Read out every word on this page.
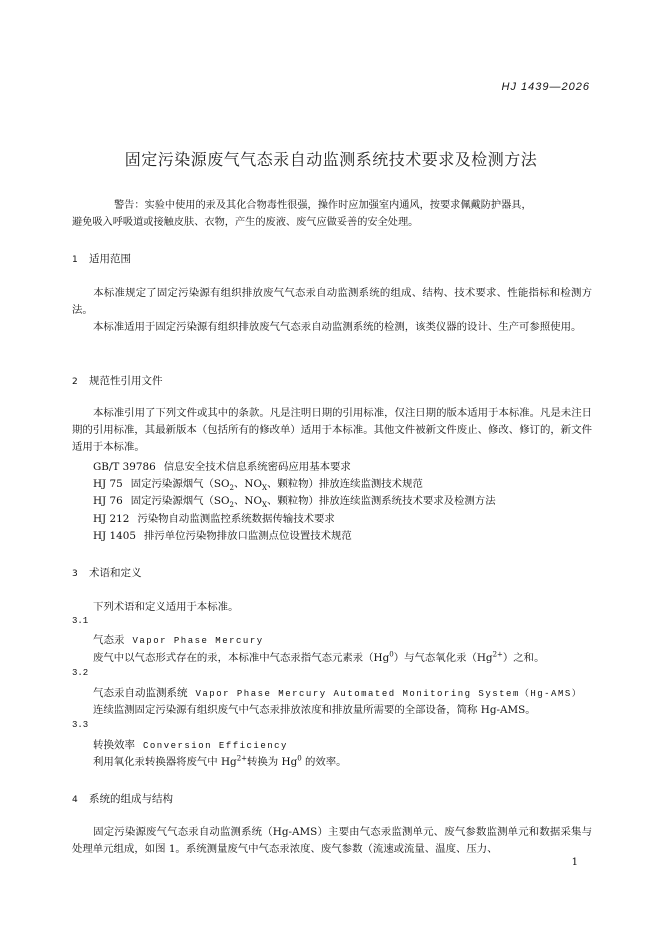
HJ 1439—2026
固定污染源废气气态汞自动监测系统技术要求及检测方法
警告：实验中使用的汞及其化合物毒性很强，操作时应加强室内通风，按要求佩戴防护器具，
避免吸入呼吸道或接触皮肤、衣物，产生的废液、废气应做妥善的安全处理。
1 适用范围
本标准规定了固定污染源有组织排放废气气态汞自动监测系统的组成、结构、技术要求、性能指标和检测方法。
本标准适用于固定污染源有组织排放废气气态汞自动监测系统的检测，该类仪器的设计、生产可参照使用。
2 规范性引用文件
本标准引用了下列文件或其中的条款。凡是注明日期的引用标准，仅注日期的版本适用于本标准。凡是未注日期的引用标准，其最新版本（包括所有的修改单）适用于本标准。其他文件被新文件废止、修改、修订的，新文件适用于本标准。
GB/T 39786 信息安全技术信息系统密码应用基本要求
HJ 75 固定污染源烟气（$SO_2$、$NO_X$、颗粒物）排放连续监测技术规范
HJ 76 固定污染源烟气（$SO_2$、$NO_X$、颗粒物）排放连续监测系统技术要求及检测方法
HJ 212 污染物自动监测监控系统数据传输技术要求
HJ 1405 排污单位污染物排放口监测点位设置技术规范
3 术语和定义
下列术语和定义适用于本标准。
3.1
气态汞 Vapor Phase Mercury
废气中以气态形式存在的汞，本标准中气态汞指气态元素汞（Hg$^0$）与气态氧化汞$(Hg^{2+})$之和。
3.2
气态汞自动监测系统 Vapor Phase Mercury Automated Monitoring System（Hg-AMS）
连续监测固定污染源有组织废气中气态汞排放浓度和排放量所需要的全部设备，简称 Hg-AMS。
3.3
转换效率 Conversion Efficiency
利用氧化汞转换器将废气中 $Hg^{2+}$转换为 Hg$^0$ 的效率。
4 系统的组成与结构
固定污染源废气气态汞自动监测系统（Hg-AMS）主要由气态汞监测单元、废气参数监测单元和数据采集与处理单元组成，如图 1。系统测量废气中气态汞浓度、废气参数（流速或流量、温度、压力、
1
